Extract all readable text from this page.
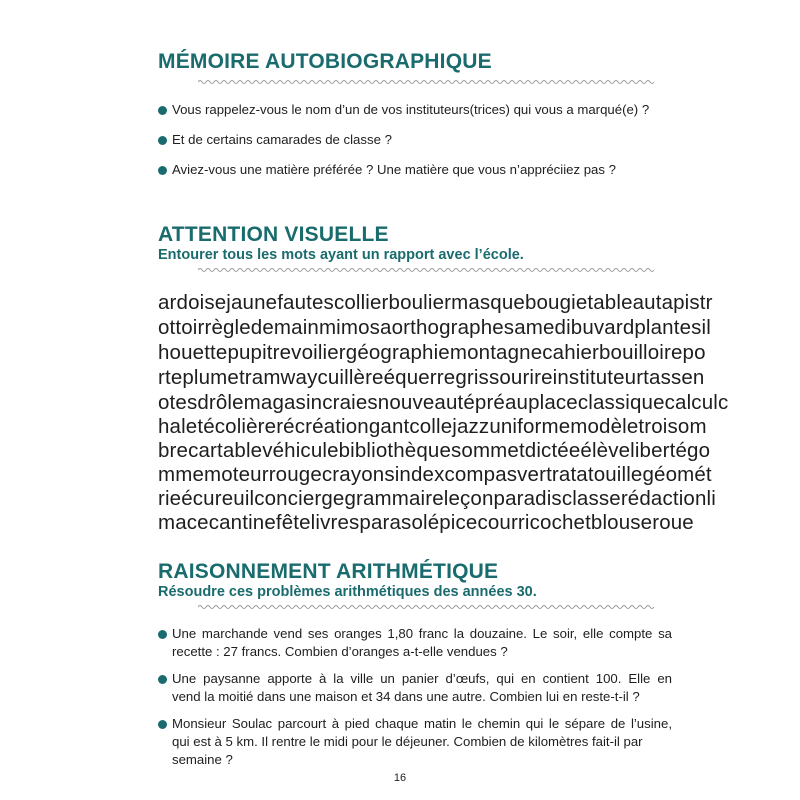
MÉMOIRE AUTOBIOGRAPHIQUE
Vous rappelez-vous le nom d’un de vos instituteurs(trices) qui vous a marqué(e) ?
Et de certains camarades de classe ?
Aviez-vous une matière préférée ? Une matière que vous n’appréciiez pas ?
ATTENTION VISUELLE

Entourer tous les mots ayant un rapport avec l’école.

ardoisejaunefautescollierbouliermasquebougietableautapistr
ottoirrègledemainmimosaorthographesamedibuvardplantesil
houettepupitrevoiliergéographiemontagnecahierbouilloirepo
rteplumetramwaycuillèreéquerregrissourireinstituteurtassen
otesdrôlemagasincraiesnouveautépréauplaceclassiquecalculc
haletécolièrerécréationgantcollejazzuniformemodèletroisom
brecartablevéhiculebibliothèquesommetdictéeélèvelibertégo
mmemoteurrougecrayonsindexcompasvertratatouillegéomét
rieécureuilconciergegrammaireleçonparadisclasserédactionli
macecantinefêtelivresparasolépicecourricochetblouseroue
RAISONNEMENT ARITHMÉTIQUE

Résoudre ces problèmes arithmétiques des années 30.

Une marchande vend ses oranges 1,80 franc la douzaine. Le soir, elle compte sa
recette : 27 francs. Combien d’oranges a-t-elle vendues ?
Une paysanne apporte à la ville un panier d’œufs, qui en contient 100. Elle en
vend la moitié dans une maison et 34 dans une autre. Combien lui en reste-t-il ?
Monsieur Soulac parcourt à pied chaque matin le chemin qui le sépare de l’usine,
qui est à 5 km. Il rentre le midi pour le déjeuner. Combien de kilomètres fait-il par
semaine ?
16
